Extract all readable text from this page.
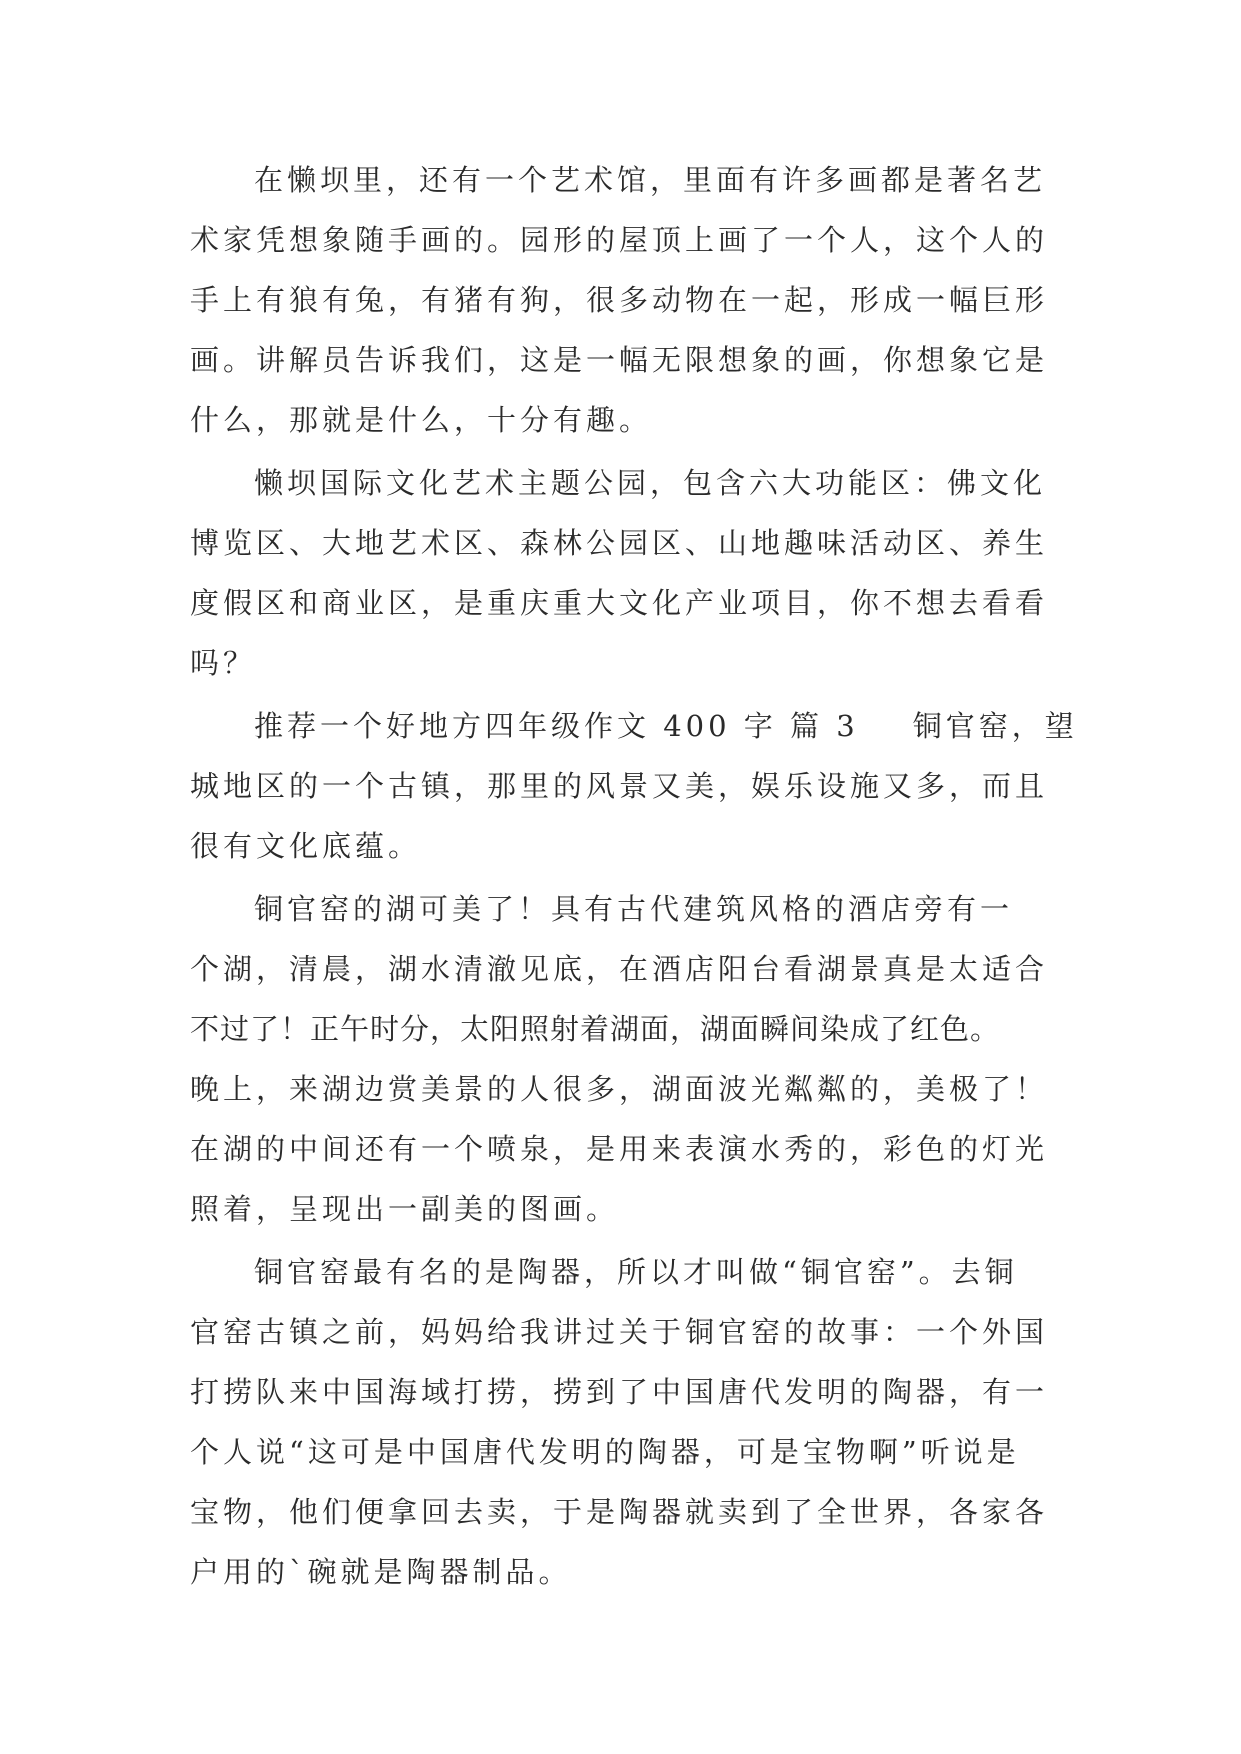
在懒坝里，还有一个艺术馆，里面有许多画都是著名艺
术家凭想象随手画的。园形的屋顶上画了一个人，这个人的
手上有狼有兔，有猪有狗，很多动物在一起，形成一幅巨形
画。讲解员告诉我们，这是一幅无限想象的画，你想象它是
什么，那就是什么，十分有趣。

懒坝国际文化艺术主题公园，包含六大功能区：佛文化
博览区、大地艺术区、森林公园区、山地趣味活动区、养生
度假区和商业区，是重庆重大文化产业项目，你不想去看看
吗？

推荐一个好地方四年级作文 400 字 篇 3 铜官窑，望
城地区的一个古镇，那里的风景又美，娱乐设施又多，而且
很有文化底蕴。

铜官窑的湖可美了！具有古代建筑风格的酒店旁有一
个湖，清晨，湖水清澈见底，在酒店阳台看湖景真是太适合
不过了！正午时分，太阳照射着湖面，湖面瞬间染成了红色。
晚上，来湖边赏美景的人很多，湖面波光粼粼的，美极了！
在湖的中间还有一个喷泉，是用来表演水秀的，彩色的灯光
照着，呈现出一副美的图画。

铜官窑最有名的是陶器，所以才叫做“铜官窑”。去铜
官窑古镇之前，妈妈给我讲过关于铜官窑的故事：一个外国
打捞队来中国海域打捞，捞到了中国唐代发明的陶器，有一
个人说“这可是中国唐代发明的陶器，可是宝物啊”听说是
宝物，他们便拿回去卖，于是陶器就卖到了全世界，各家各
户用的`碗就是陶器制品。
